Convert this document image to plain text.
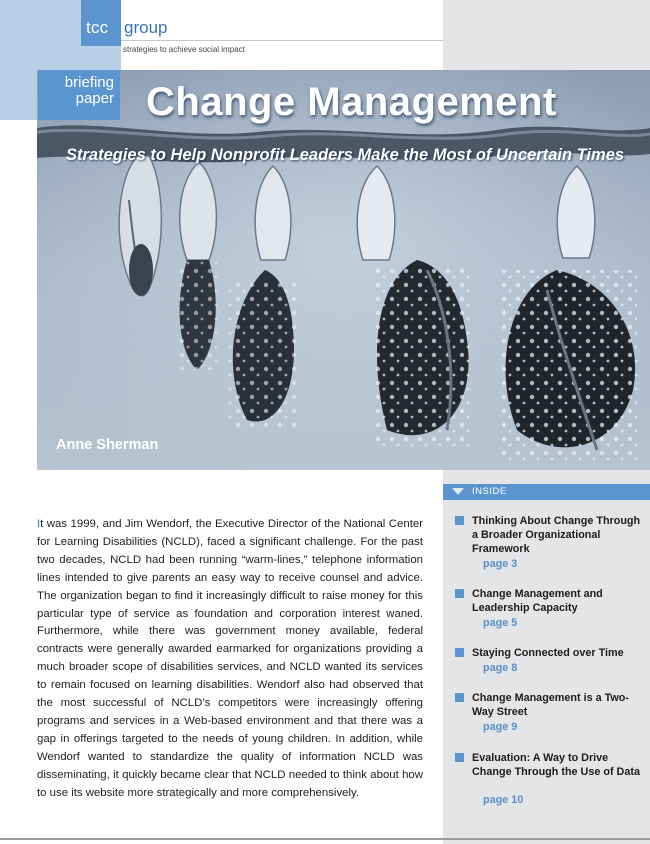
tcc group
strategies to achieve social impact
briefing
paper Change Management
Strategies to Help Nonprofit Leaders Make the Most of Uncertain Times
Anne Sherman
It was 1999, and Jim Wendorf, the Executive Director of the National Center for Learning Disabilities (NCLD), faced a significant challenge. For the past two decades, NCLD had been running “warm-lines,” telephone information lines intended to give parents an easy way to receive counsel and advice. The organization began to find it increasingly difficult to raise money for this particular type of service as foundation and corporation interest waned. Furthermore, while there was government money available, federal contracts were generally awarded earmarked for organizations providing a much broader scope of disabilities services, and NCLD wanted its services to remain focused on learning disabilities. Wendorf also had observed that the most successful of NCLD’s competitors were increasingly offering programs and services in a Web-based environment and that there was a gap in offerings targeted to the needs of young children. In addition, while Wendorf wanted to standardize the quality of information NCLD was disseminating, it quickly became clear that NCLD needed to think about how to use its website more strategically and more comprehensively.
INSIDE
Thinking About Change Through a Broader Organizational Framework
page 3
Change Management and Leadership Capacity
page 5
Staying Connected over Time
page 8
Change Management is a Two-Way Street
page 9
Evaluation: A Way to Drive Change Through the Use of Data
page 10
